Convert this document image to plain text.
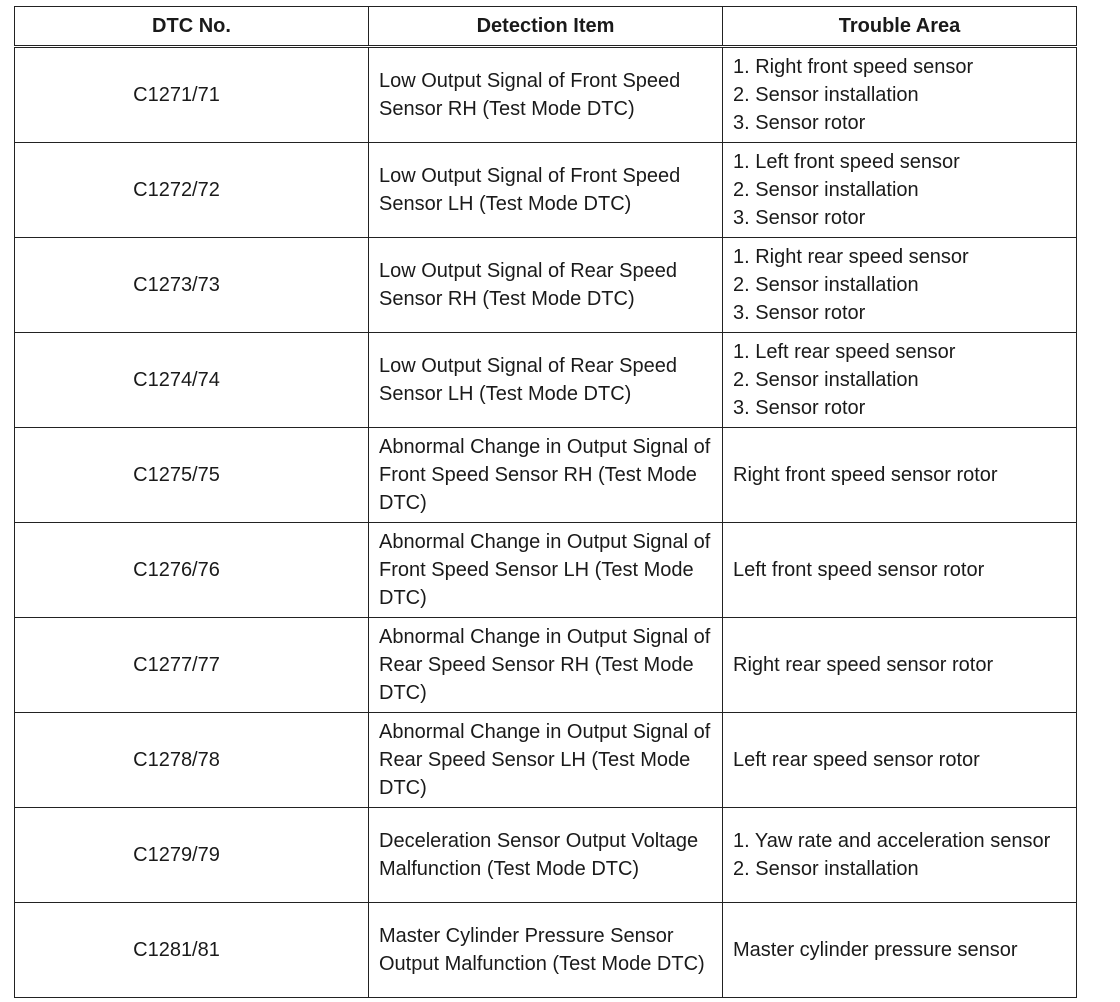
DTC No.	Detection Item	Trouble Area
C1271/71	Low Output Signal of Front Speed Sensor RH (Test Mode DTC)	1. Right front speed sensor
2. Sensor installation
3. Sensor rotor

C1272/72	Low Output Signal of Front Speed Sensor LH (Test Mode DTC)	1. Left front speed sensor
2. Sensor installation
3. Sensor rotor

C1273/73	Low Output Signal of Rear Speed Sensor RH (Test Mode DTC)	1. Right rear speed sensor
2. Sensor installation
3. Sensor rotor

C1274/74	Low Output Signal of Rear Speed Sensor LH (Test Mode DTC)	1. Left rear speed sensor
2. Sensor installation
3. Sensor rotor

C1275/75	Abnormal Change in Output Signal of Front Speed Sensor RH (Test Mode DTC)	Right front speed sensor rotor

C1276/76	Abnormal Change in Output Signal of Front Speed Sensor LH (Test Mode DTC)	Left front speed sensor rotor

C1277/77	Abnormal Change in Output Signal of Rear Speed Sensor RH (Test Mode DTC)	Right rear speed sensor rotor

C1278/78	Abnormal Change in Output Signal of Rear Speed Sensor LH (Test Mode DTC)	Left rear speed sensor rotor

C1279/79	Deceleration Sensor Output Voltage Malfunction (Test Mode DTC)	1. Yaw rate and acceleration sensor
2. Sensor installation

C1281/81	Master Cylinder Pressure Sensor Output Malfunction (Test Mode DTC)	Master cylinder pressure sensor
